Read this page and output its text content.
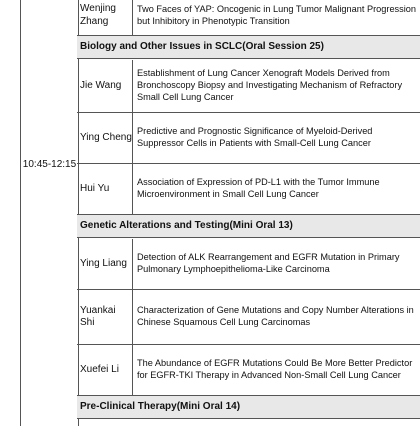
10:45-12:15
Wenjing Zhang
Two Faces of YAP: Oncogenic in Lung Tumor Malignant Progression but Inhibitory in Phenotypic Transition
Biology and Other Issues in SCLC(Oral Session 25)
Jie Wang
Establishment of Lung Cancer Xenograft Models Derived from Bronchoscopy Biopsy and Investigating Mechanism of Refractory Small Cell Lung Cancer
Ying Cheng
Predictive and Prognostic Significance of Myeloid-Derived Suppressor Cells in Patients with Small-Cell Lung Cancer
Hui Yu
Association of Expression of PD-L1 with the Tumor Immune Microenvironment in Small Cell Lung Cancer
Genetic Alterations and Testing(Mini Oral 13)
Ying Liang
Detection of ALK Rearrangement and EGFR Mutation in Primary Pulmonary Lymphoepithelioma-Like Carcinoma
Yuankai Shi
Characterization of Gene Mutations and Copy Number Alterations in Chinese Squamous Cell Lung Carcinomas
Xuefei Li
The Abundance of EGFR Mutations Could Be More Better Predictor for EGFR-TKI Therapy in Advanced Non-Small Cell Lung Cancer
Pre-Clinical Therapy(Mini Oral 14)
